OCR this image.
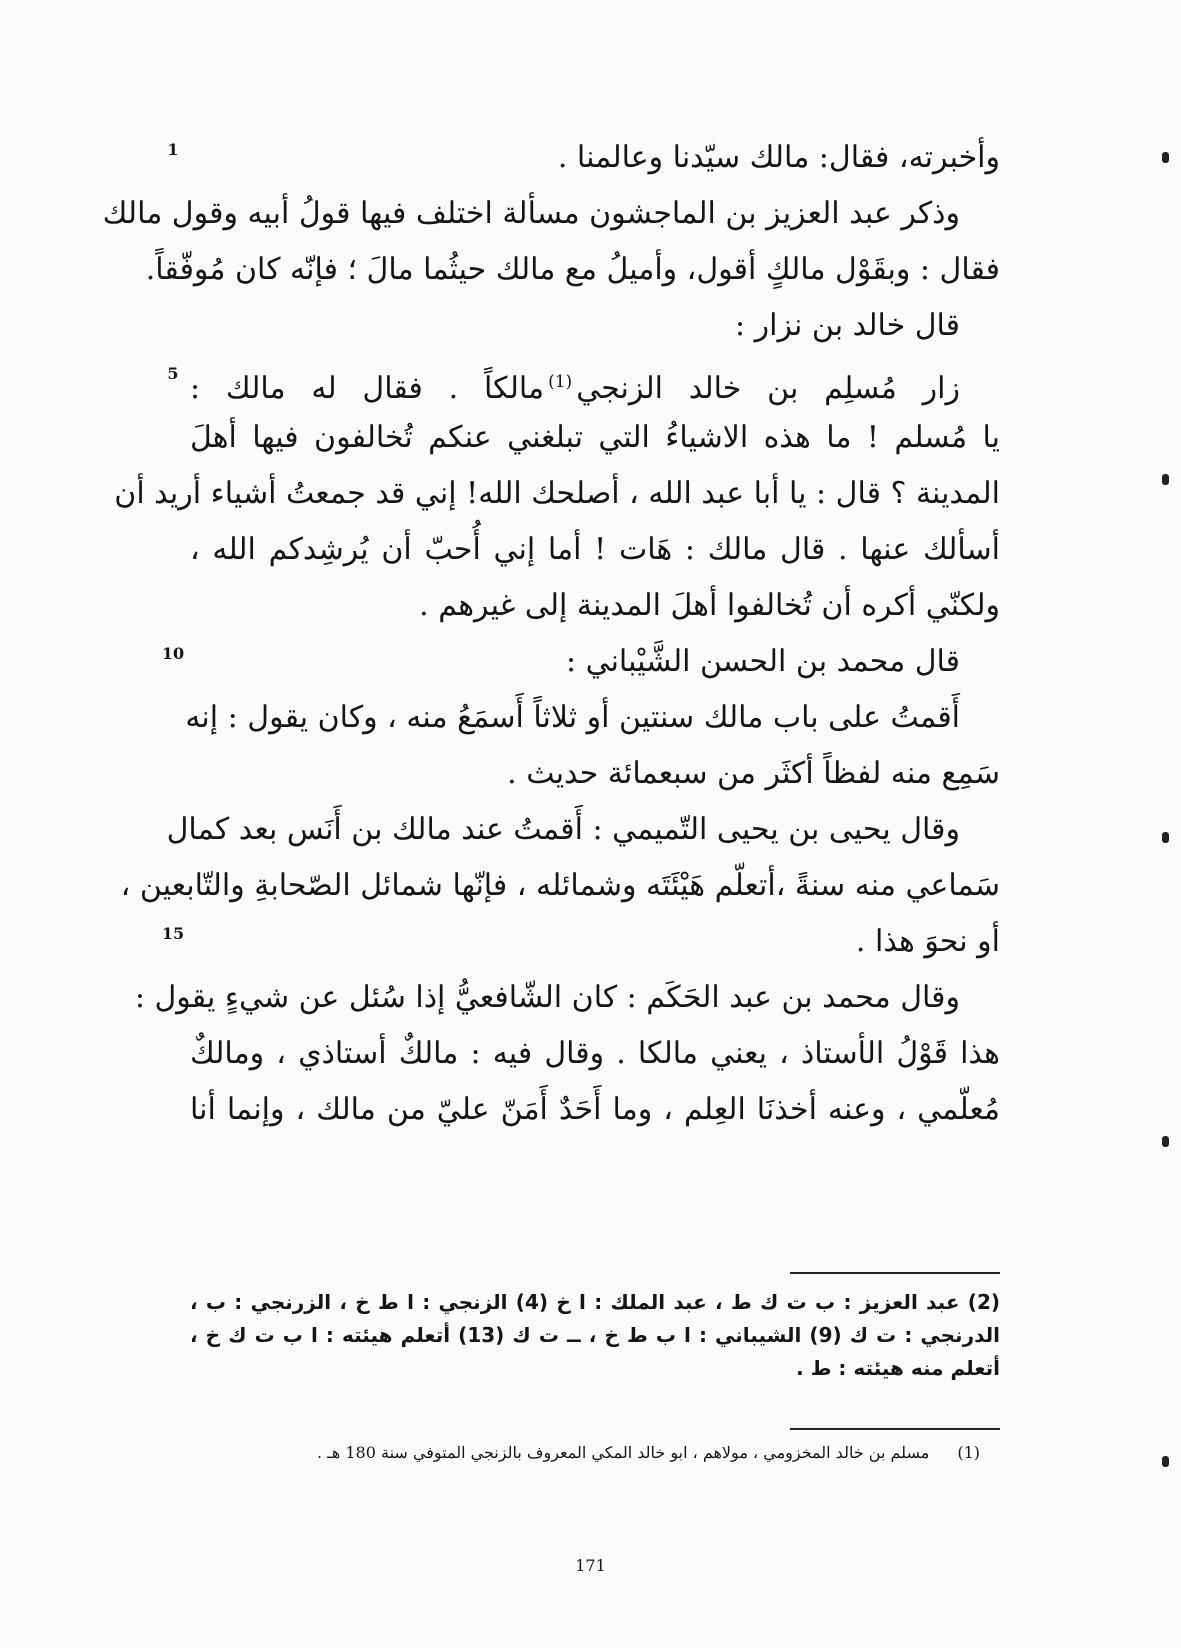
1
5
10
15
وأخبرته، فقال: مالك سيّدنا وعالمنا .
وذكر عبد العزيز بن الماجشون مسألة اختلف فيها قولُ أبيه وقول مالك
فقال : وبقَوْل مالكٍ أقول، وأميلُ مع مالك حيثُما مالَ ؛ فإنّه كان مُوفّقاً.
قال خالد بن نزار :
زار مُسلِم بن خالد الزنجي$^{(1)}$مالكاً . فقال له مالك :
يا مُسلم ! ما هذه الاشياءُ التي تبلغني عنكم تُخالفون فيها أهلَ
المدينة ؟ قال : يا أبا عبد الله ، أصلحك الله! إني قد جمعتُ أشياء أريد أن
أسألك عنها . قال مالك : هَات ! أما إني أُحبّ أن يُرشِدكم الله ،
ولكنّي أكره أن تُخالفوا أهلَ المدينة إلى غيرهم .
قال محمد بن الحسن الشَّيْباني :
أَقمتُ على باب مالك سنتين أو ثلاثاً أَسمَعُ منه ، وكان يقول : إنه
سَمِع منه لفظاً أكثَر من سبعمائة حديث .
وقال يحيى بن يحيى التّميمي : أَقمتُ عند مالك بن أَنَس بعد كمال
سَماعي منه سنةً ،أتعلّم هَيْئَتَه وشمائله ، فإنّها شمائل الصّحابةِ والتّابعين ،
أو نحوَ هذا .
وقال محمد بن عبد الحَكَم : كان الشّافعيُّ إذا سُئل عن شيءٍ يقول :
هذا قَوْلُ الأستاذ ، يعني مالكا . وقال فيه : مالكٌ أستاذي ، ومالكٌ
مُعلّمي ، وعنه أخذنَا العِلم ، وما أَحَدٌ أَمَنّ عليّ من مالك ، وإنما أنا
(2) عبد العزيز : ب ت ك ط ، عبد الملك : ا خ (4) الزنجي : ا ط خ ، الزرنجي : ب ،
الدرنجي : ت ك (9) الشيباني : ا ب ط خ ، ــ ت ك (13) أتعلم هيئته : ا ب ت ك خ ،
أتعلم منه هيئته : ط .
(1)مسلم بن خالد المخزومي ، مولاهم ، ابو خالد المكي المعروف بالزنجي المتوفي سنة 180 هـ .
171
